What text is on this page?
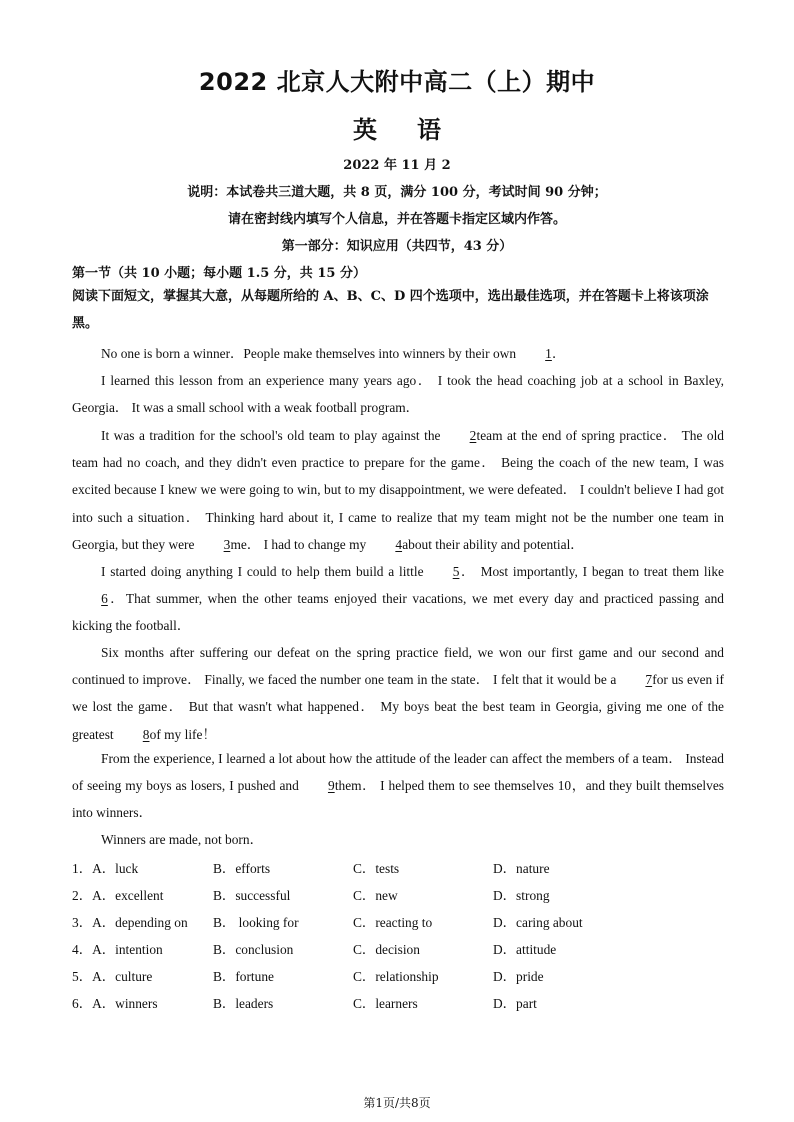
2022 北京人大附中高二（上）期中
英语
2022 年 11 月 2
说明：本试卷共三道大题，共 8 页，满分 100 分，考试时间 90 分钟；
请在密封线内填写个人信息，并在答题卡指定区域内作答。
第一部分：知识应用（共四节，43 分）
第一节（共 10 小题；每小题 1.5 分，共 15 分）
阅读下面短文，掌握其大意，从每题所给的 A、B、C、D 四个选项中，选出最佳选项，并在答题卡上将该项涂黑。
No one is born a winner．People make themselves into winners by their own 1．
I learned this lesson from an experience many years ago． I took the head coaching job at a school in Baxley, Georgia． It was a small school with a weak football program．
It was a tradition for the school's old team to play against the 2team at the end of spring practice． The old team had no coach, and they didn't even practice to prepare for the game． Being the coach of the new team, I was excited because I knew we were going to win, but to my disappointment, we were defeated． I couldn't believe I had got into such a situation． Thinking hard about it, I came to realize that my team might not be the number one team in Georgia, but they were 3me． I had to change my 4about their ability and potential．
I started doing anything I could to help them build a little 5． Most importantly, I began to treat them like6．That summer, when the other teams enjoyed their vacations, we met every day and practiced passing and kicking the football．
Six months after suffering our defeat on the spring practice field, we won our first game and our second and continued to improve． Finally, we faced the number one team in the state． I felt that it would be a 7for us even if we lost the game． But that wasn't what happened． My boys beat the best team in Georgia, giving me one of the greatest 8of my life！
From the experience, I learned a lot about how the attitude of the leader can affect the members of a team． Instead of seeing my boys as losers, I pushed and 9them． I helped them to see themselves 10，and they built themselves into winners．
Winners are made, not born．
1．A．luck	B．efforts	C．tests	D．nature
2．A．excellent	B．successful	C．new	D．strong
3．A．depending on B． looking for	C．reacting to	D．caring about
4．A．intention	B．conclusion	C．decision	D．attitude
5．A．culture	B．fortune	C．relationship	D．pride
6．A．winners	B．leaders	C．learners	D．part
第1页/共8页
